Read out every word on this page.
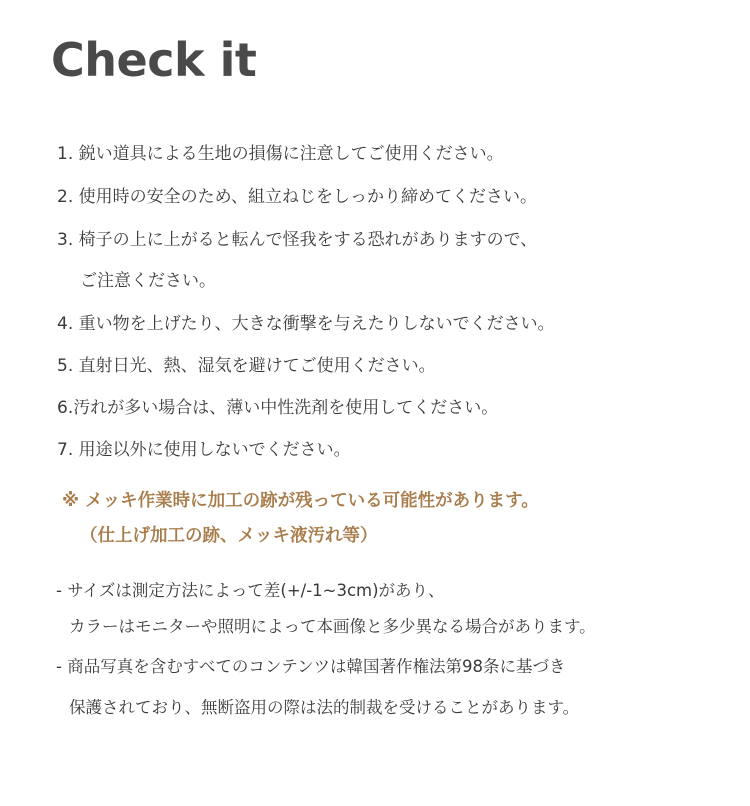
Check it
1. 鋭い道具による生地の損傷に注意してご使用ください。
2. 使用時の安全のため、組立ねじをしっかり締めてください。
3. 椅子の上に上がると転んで怪我をする恐れがありますので、
ご注意ください。
4. 重い物を上げたり、大きな衝撃を与えたりしないでください。
5. 直射日光、熱、湿気を避けてご使用ください。
6.汚れが多い場合は、薄い中性洗剤を使用してください。
7. 用途以外に使用しないでください。
※ メッキ作業時に加工の跡が残っている可能性があります。
（仕上げ加工の跡、メッキ液汚れ等）
- サイズは測定方法によって差(+/-1~3cm)があり、
カラーはモニターや照明によって本画像と多少異なる場合があります。
- 商品写真を含むすべてのコンテンツは韓国著作権法第98条に基づき
保護されており、無断盗用の際は法的制裁を受けることがあります。
